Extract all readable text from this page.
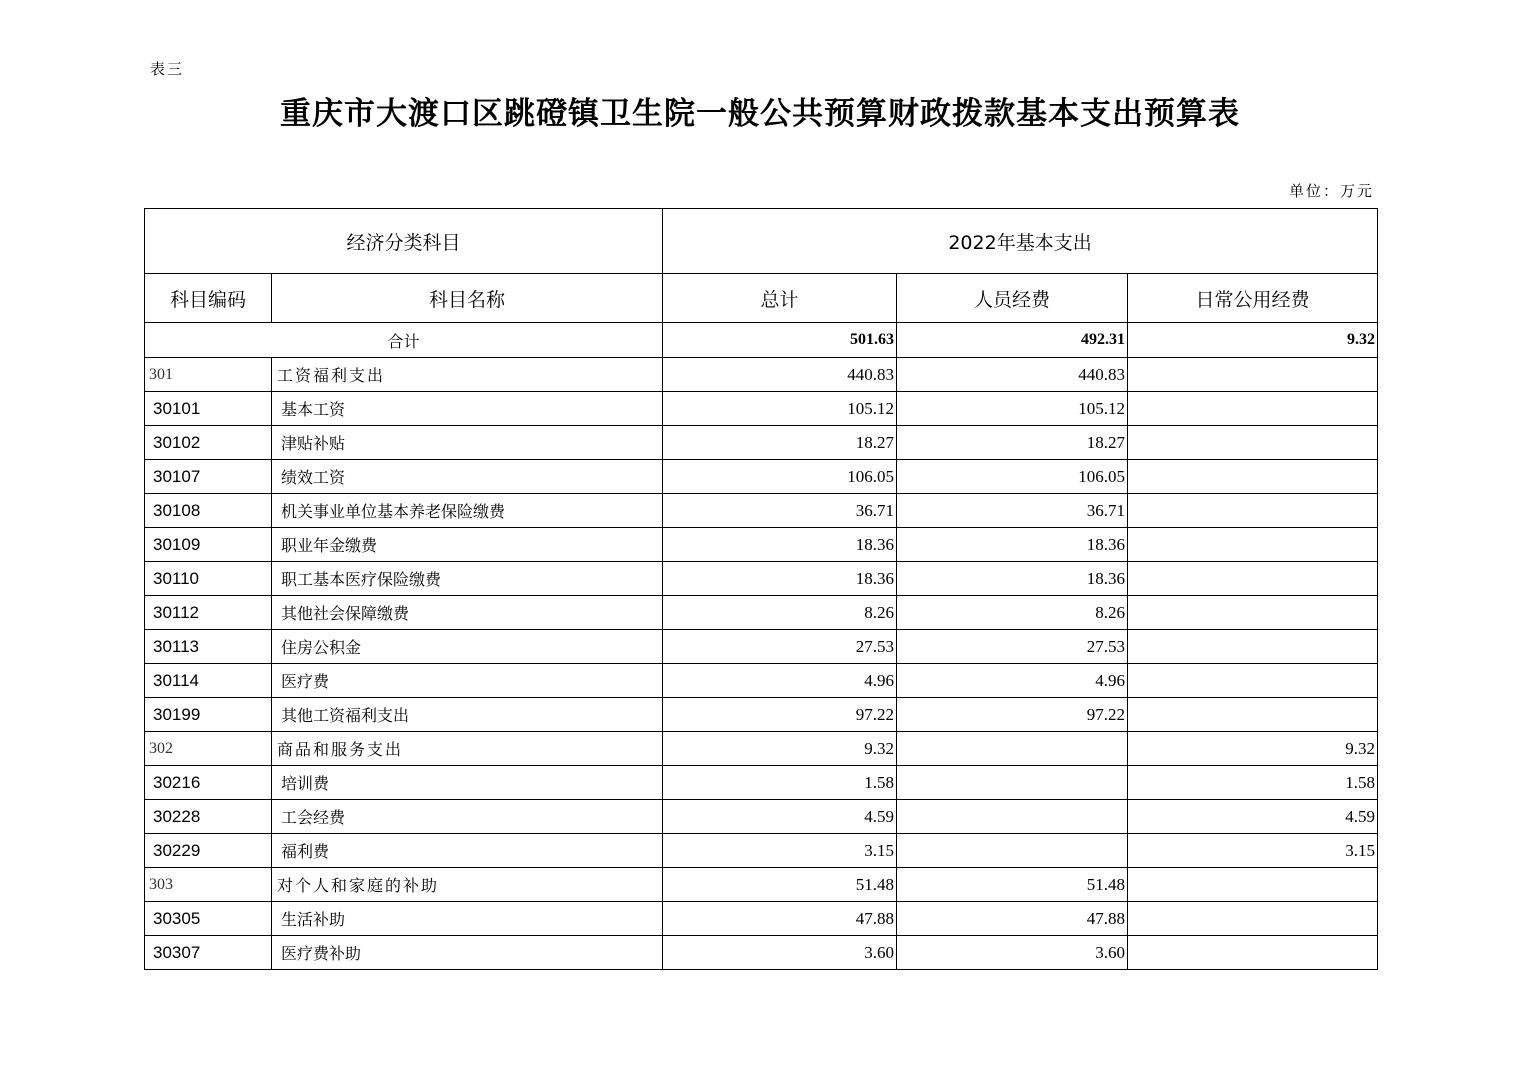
表三
重庆市大渡口区跳磴镇卫生院一般公共预算财政拨款基本支出预算表
单位：万元
经济分类科目		2022年基本支出		
科目编码	科目名称	总计	人员经费	日常公用经费
合计		501.63	492.31	9.32
301	工资福利支出	440.83	440.83	
30101	基本工资	105.12	105.12	
30102	津贴补贴	18.27	18.27	
30107	绩效工资	106.05	106.05	
30108	机关事业单位基本养老保险缴费	36.71	36.71	
30109	职业年金缴费	18.36	18.36	
30110	职工基本医疗保险缴费	18.36	18.36	
30112	其他社会保障缴费	8.26	8.26	
30113	住房公积金	27.53	27.53	
30114	医疗费	4.96	4.96	
30199	其他工资福利支出	97.22	97.22	
302	商品和服务支出	9.32		9.32
30216	培训费	1.58		1.58
30228	工会经费	4.59		4.59
30229	福利费	3.15		3.15
303	对个人和家庭的补助	51.48	51.48	
30305	生活补助	47.88	47.88	
30307	医疗费补助	3.60	3.60	
